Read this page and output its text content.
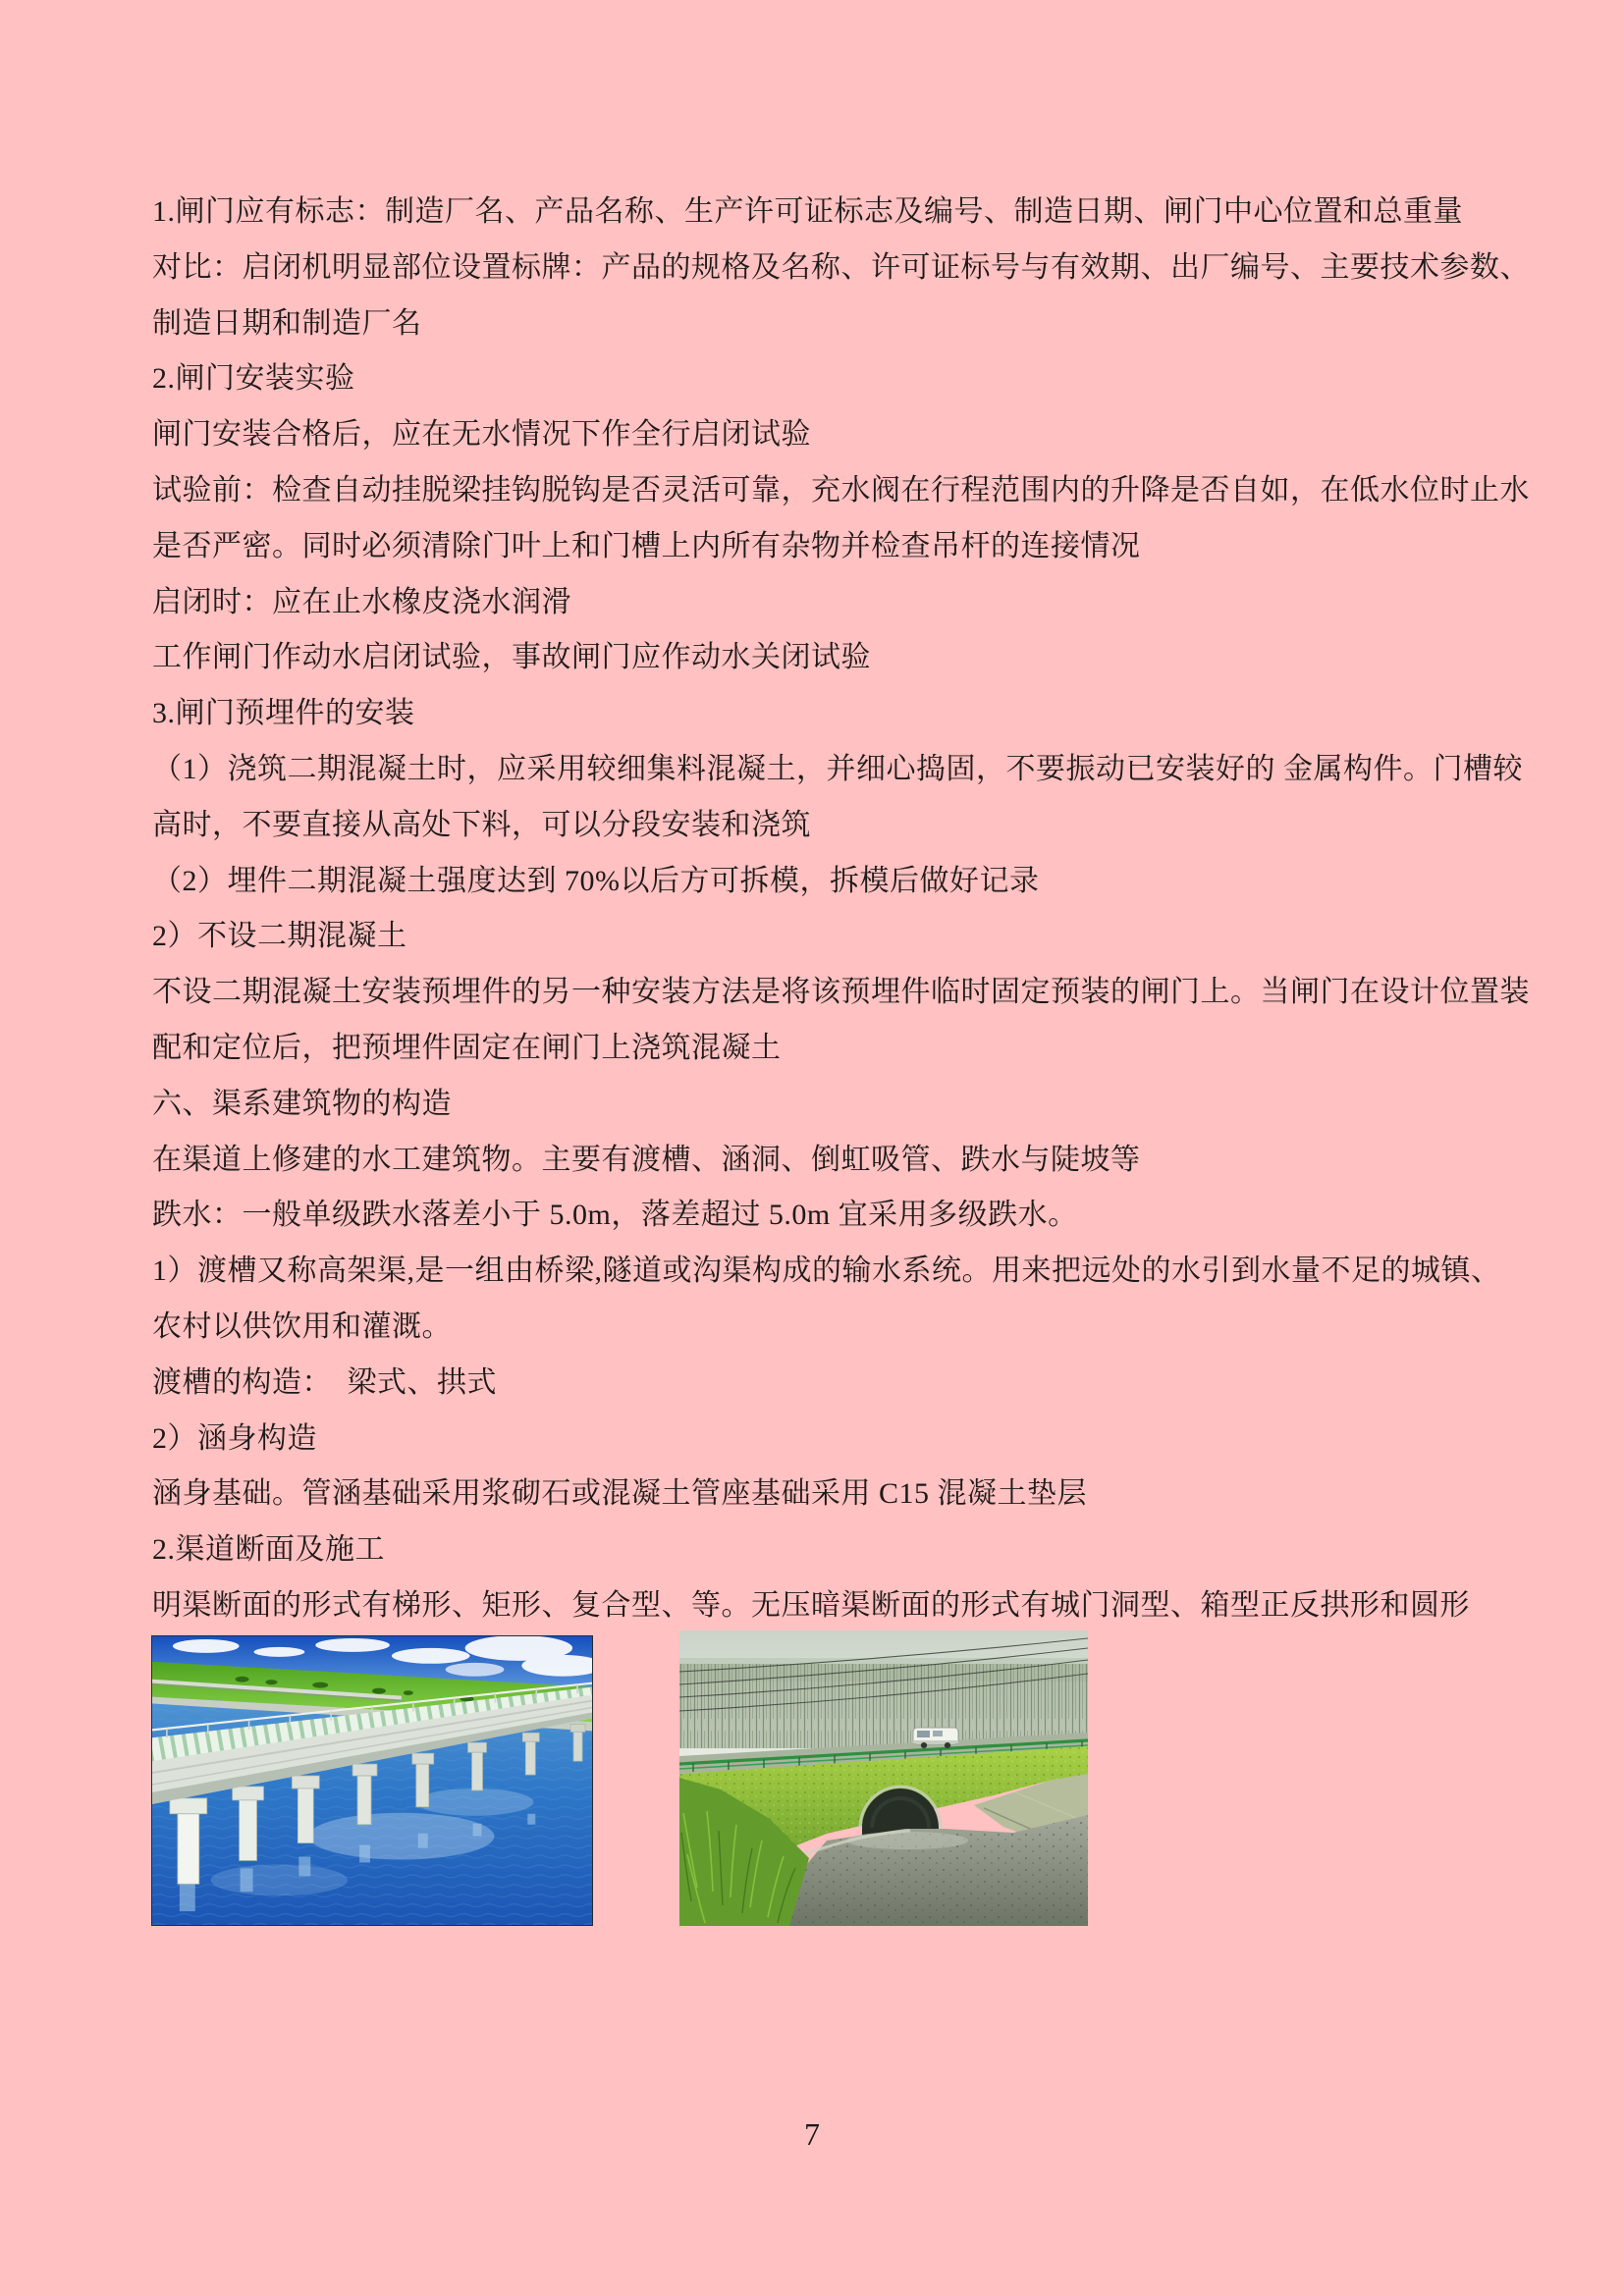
1.闸门应有标志：制造厂名、产品名称、生产许可证标志及编号、制造日期、闸门中心位置和总重量
对比：启闭机明显部位设置标牌：产品的规格及名称、许可证标号与有效期、出厂编号、主要技术参数、
制造日期和制造厂名
2.闸门安装实验
闸门安装合格后，应在无水情况下作全行启闭试验
试验前：检查自动挂脱梁挂钩脱钩是否灵活可靠，充水阀在行程范围内的升降是否自如，在低水位时止水
是否严密。同时必须清除门叶上和门槽上内所有杂物并检查吊杆的连接情况
启闭时：应在止水橡皮浇水润滑
工作闸门作动水启闭试验，事故闸门应作动水关闭试验
3.闸门预埋件的安装
（1）浇筑二期混凝土时，应采用较细集料混凝土，并细心捣固，不要振动已安装好的 金属构件。门槽较
高时，不要直接从高处下料，可以分段安装和浇筑
（2）埋件二期混凝土强度达到 70%以后方可拆模，拆模后做好记录
2）不设二期混凝土
不设二期混凝土安装预埋件的另一种安装方法是将该预埋件临时固定预装的闸门上。当闸门在设计位置装
配和定位后，把预埋件固定在闸门上浇筑混凝土
六、渠系建筑物的构造
在渠道上修建的水工建筑物。主要有渡槽、涵洞、倒虹吸管、跌水与陡坡等
跌水：一般单级跌水落差小于 5.0m，落差超过 5.0m 宜采用多级跌水。
1）渡槽又称高架渠,是一组由桥梁,隧道或沟渠构成的输水系统。用来把远处的水引到水量不足的城镇、
农村以供饮用和灌溉。
渡槽的构造：　梁式、拱式
2）涵身构造
涵身基础。管涵基础采用浆砌石或混凝土管座基础采用 C15 混凝土垫层
2.渠道断面及施工
明渠断面的形式有梯形、矩形、复合型、等。无压暗渠断面的形式有城门洞型、箱型正反拱形和圆形
7
